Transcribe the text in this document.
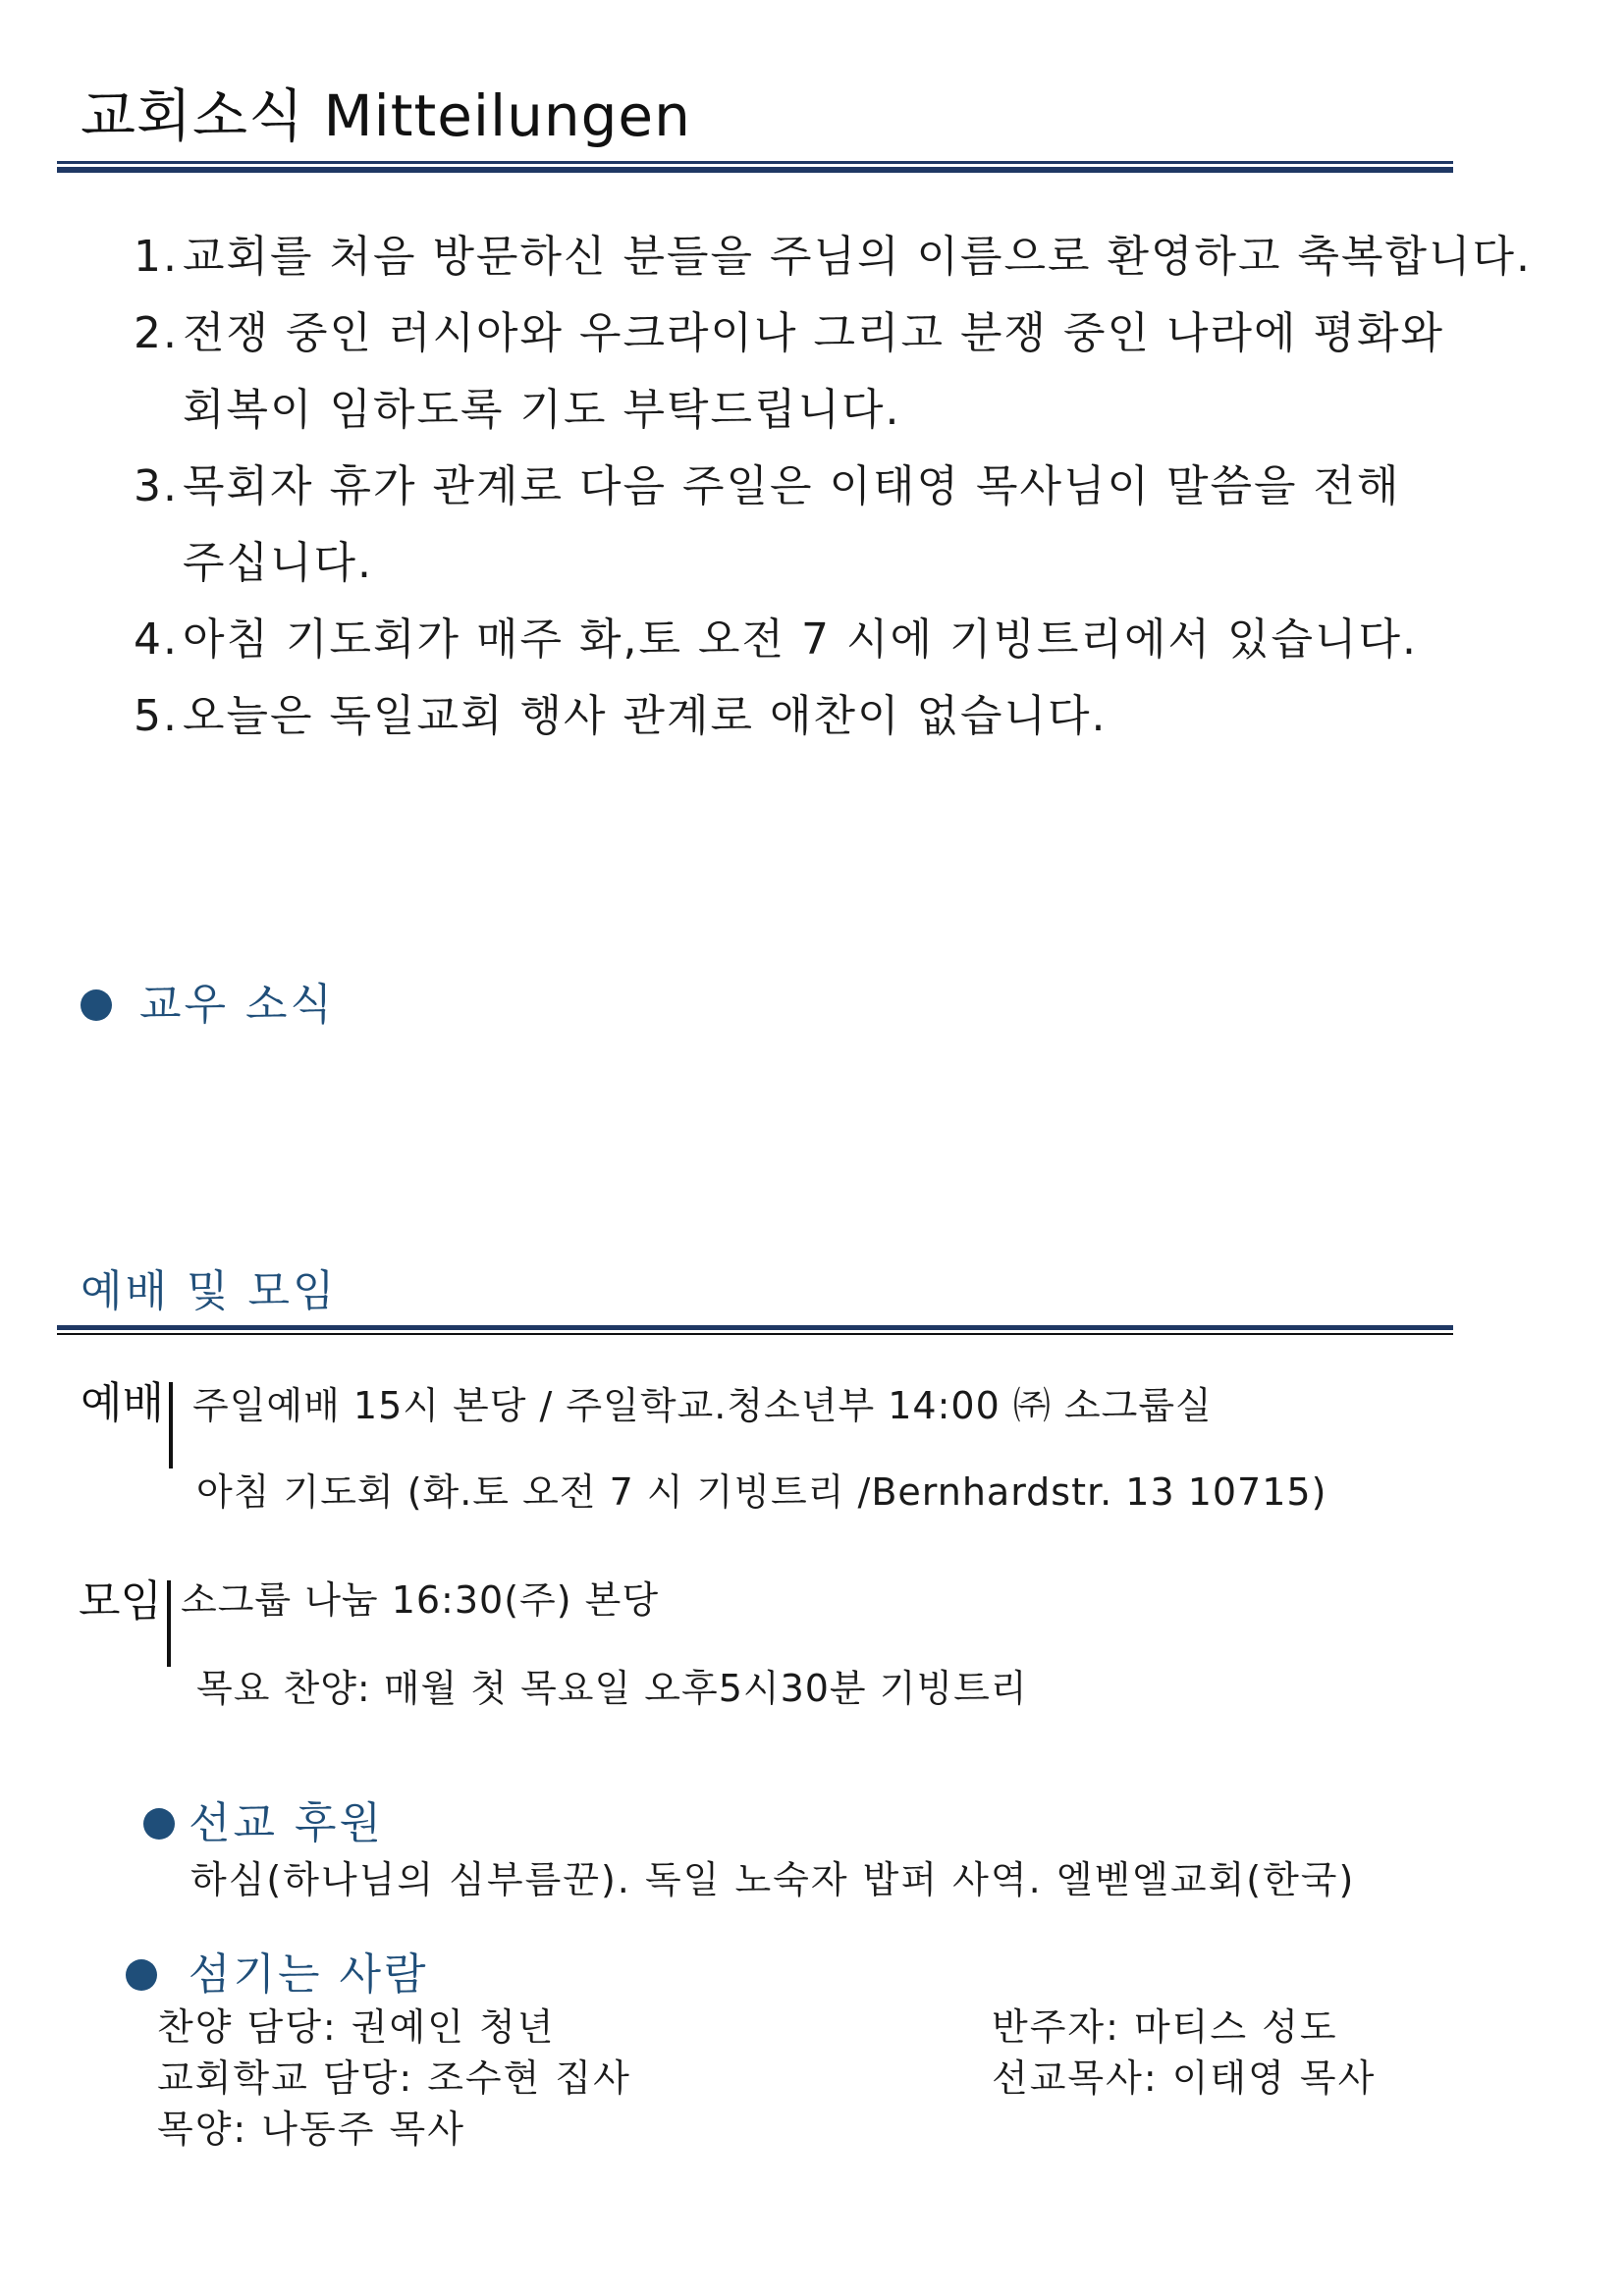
교회소식 Mitteilungen
1.교회를 처음 방문하신 분들을 주님의 이름으로 환영하고 축복합니다.
2.전쟁 중인 러시아와 우크라이나 그리고 분쟁 중인 나라에 평화와
회복이 임하도록 기도 부탁드립니다.
3.목회자 휴가 관계로 다음 주일은 이태영 목사님이 말씀을 전해
주십니다.
4.아침 기도회가 매주 화,토 오전 7 시에 기빙트리에서 있습니다.
5.오늘은 독일교회 행사 관계로 애찬이 없습니다.
교우 소식
예배 및 모임
예배 주일예배 15시 본당 / 주일학교.청소년부 14:00 ㈜ 소그룹실
아침 기도회 (화.토 오전 7 시 기빙트리 /Bernhardstr. 13 10715)
모임 소그룹 나눔 16:30(주) 본당
목요 찬양: 매월 첫 목요일 오후5시30분 기빙트리
선교 후원
하심(하나님의 심부름꾼). 독일 노숙자 밥퍼 사역. 엘벧엘교회(한국)
섬기는 사람
찬양 담당: 권예인 청년
교회학교 담당: 조수현 집사
목양: 나동주 목사
반주자: 마티스 성도
선교목사: 이태영 목사
